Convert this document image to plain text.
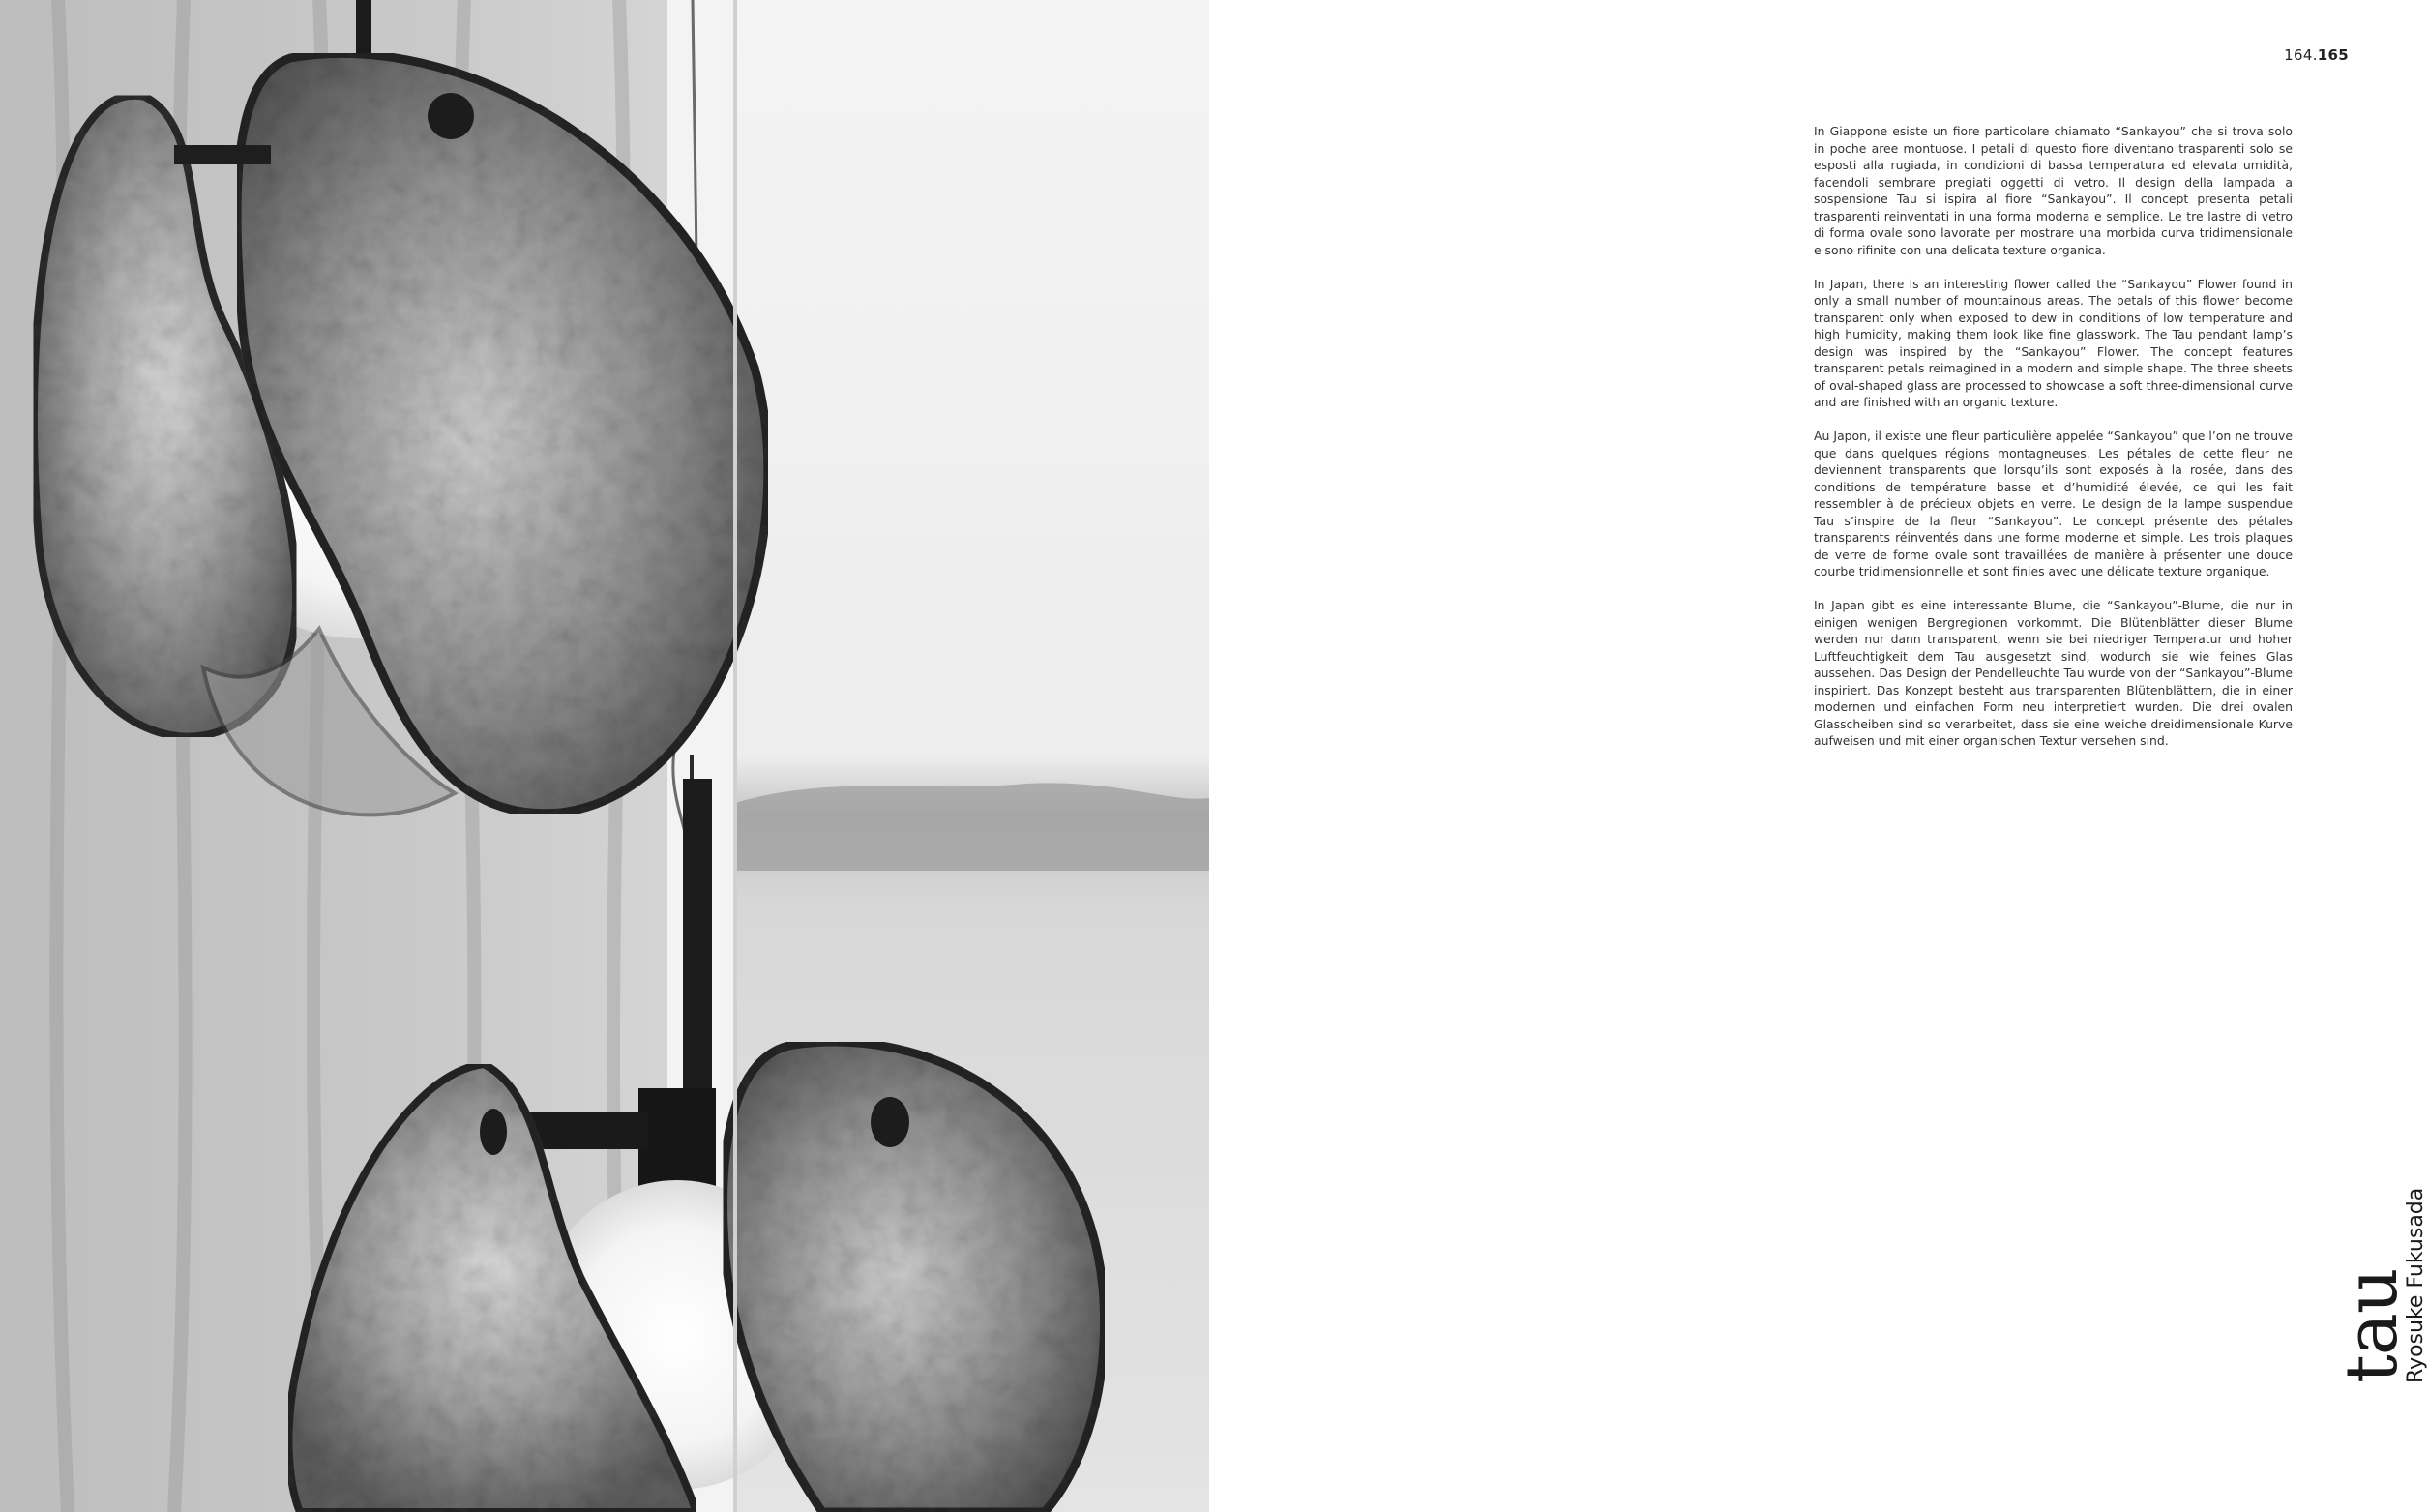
164.165

In Giappone esiste un fiore particolare chiamato “Sankayou” che si trova solo in poche aree montuose. I petali di questo fiore diventano trasparenti solo se esposti alla rugiada, in condizioni di bassa temperatura ed elevata umidità, facendoli sembrare pregiati oggetti di vetro. Il design della lampada a sospensione Tau si ispira al fiore “Sankayou”. Il concept presenta petali trasparenti reinventati in una forma moderna e semplice. Le tre lastre di vetro di forma ovale sono lavorate per mostrare una morbida curva tridimensionale e sono rifinite con una delicata texture organica.

In Japan, there is an interesting flower called the “Sankayou” Flower found in only a small number of mountainous areas. The petals of this flower become transparent only when exposed to dew in conditions of low temperature and high humidity, making them look like fine glasswork. The Tau pendant lamp’s design was inspired by the “Sankayou” Flower. The concept features transparent petals reimagined in a modern and simple shape. The three sheets of oval-shaped glass are processed to showcase a soft three-dimensional curve and are finished with an organic texture.

Au Japon, il existe une fleur particulière appelée “Sankayou” que l’on ne trouve que dans quelques régions montagneuses. Les pétales de cette fleur ne deviennent transparents que lorsqu’ils sont exposés à la rosée, dans des conditions de température basse et d’humidité élevée, ce qui les fait ressembler à de précieux objets en verre. Le design de la lampe suspendue Tau s’inspire de la fleur “Sankayou”. Le concept présente des pétales transparents réinventés dans une forme moderne et simple. Les trois plaques de verre de forme ovale sont travaillées de manière à présenter une douce courbe tridimensionnelle et sont finies avec une délicate texture organique.

In Japan gibt es eine interessante Blume, die “Sankayou”-Blume, die nur in einigen wenigen Bergregionen vorkommt. Die Blütenblätter dieser Blume werden nur dann transparent, wenn sie bei niedriger Temperatur und hoher Luftfeuchtigkeit dem Tau ausgesetzt sind, wodurch sie wie feines Glas aussehen. Das Design der Pendelleuchte Tau wurde von der “Sankayou”-Blume inspiriert. Das Konzept besteht aus transparenten Blütenblättern, die in einer modernen und einfachen Form neu interpretiert wurden. Die drei ovalen Glasscheiben sind so verarbeitet, dass sie eine weiche dreidimensionale Kurve aufweisen und mit einer organischen Textur versehen sind.

tau
Ryosuke Fukusada
